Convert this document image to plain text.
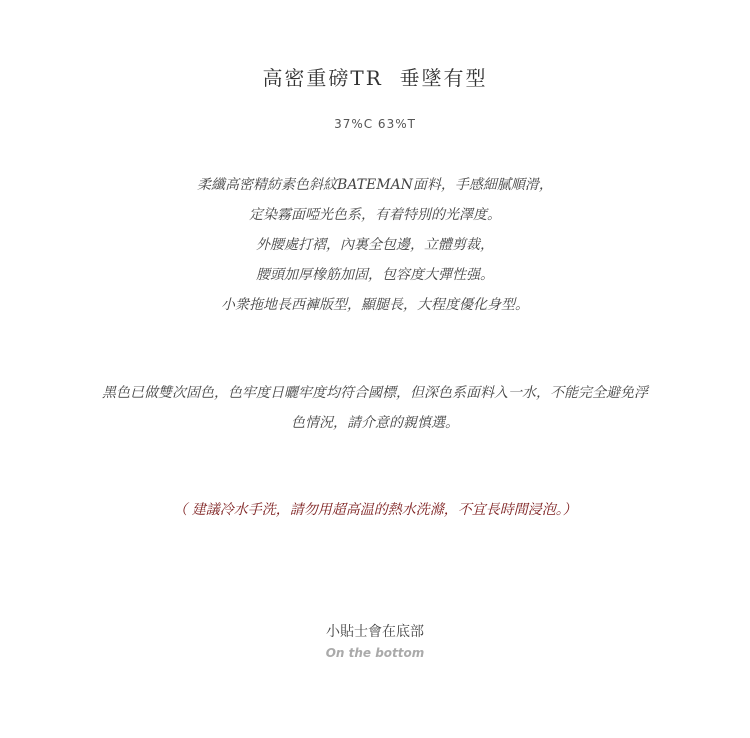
高密重磅TR  垂墜有型
37%C 63%T
柔纖高密精紡素色斜紋BATEMAN面料，手感細膩順滑，
定染霧面啞光色系，有着特別的光澤度。
外腰處打褶，內裏全包邊，立體剪裁，
腰頭加厚橡筋加固，包容度大彈性强。
小衆拖地長西褲版型，顯腿長，大程度優化身型。
黑色已做雙次固色，色牢度日曬牢度均符合國標，但深色系面料入一水，不能完全避免浮
色情況，請介意的親慎選。
（ 建議冷水手洗，請勿用超高温的熱水洗滌，不宜長時間浸泡。）
小貼士會在底部
On the bottom
